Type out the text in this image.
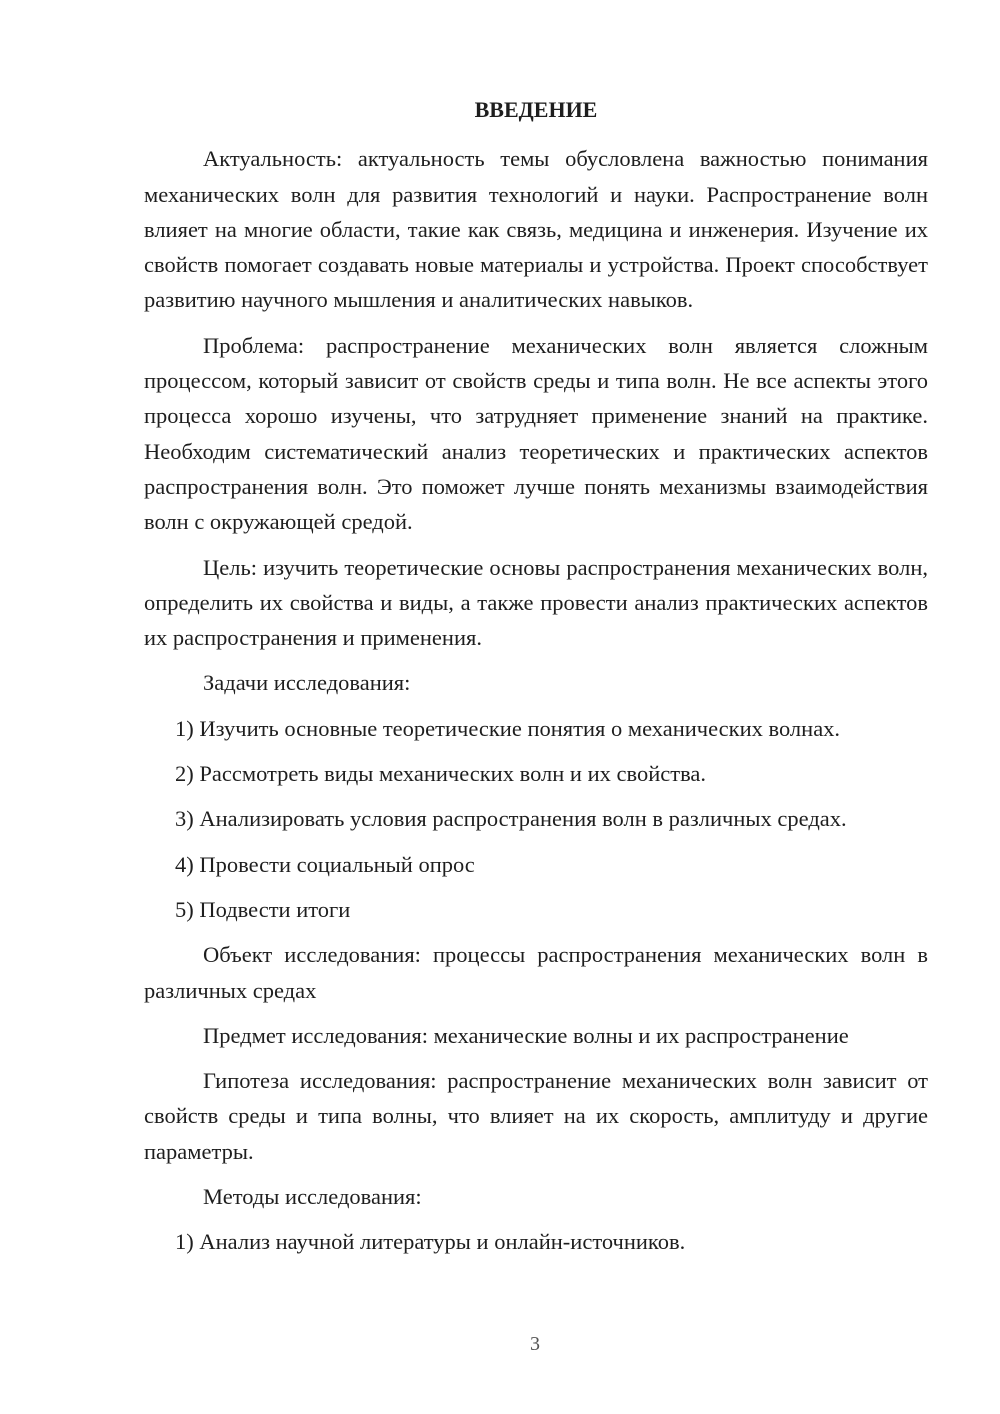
ВВЕДЕНИЕ

Актуальность: актуальность темы обусловлена важностью понимания механических волн для развития технологий и науки. Распространение волн влияет на многие области, такие как связь, медицина и инженерия. Изучение их свойств помогает создавать новые материалы и устройства. Проект способствует развитию научного мышления и аналитических навыков.

Проблема: распространение механических волн является сложным процессом, который зависит от свойств среды и типа волн. Не все аспекты этого процесса хорошо изучены, что затрудняет применение знаний на практике. Необходим систематический анализ теоретических и практических аспектов распространения волн. Это поможет лучше понять механизмы взаимодействия волн с окружающей средой.

Цель: изучить теоретические основы распространения механических волн, определить их свойства и виды, а также провести анализ практических аспектов их распространения и применения.

Задачи исследования:

1) Изучить основные теоретические понятия о механических волнах.

2) Рассмотреть виды механических волн и их свойства.

3) Анализировать условия распространения волн в различных средах.

4) Провести социальный опрос

5) Подвести итоги

Объект исследования: процессы распространения механических волн в различных средах

Предмет исследования: механические волны и их распространение

Гипотеза исследования: распространение механических волн зависит от свойств среды и типа волны, что влияет на их скорость, амплитуду и другие параметры.

Методы исследования:

1) Анализ научной литературы и онлайн-источников.

3
